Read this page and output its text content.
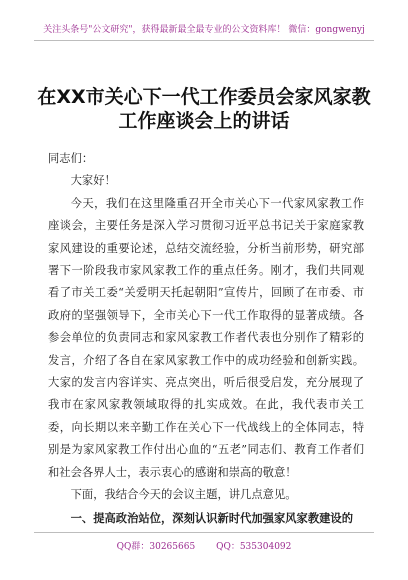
关注头条号"公文研究"，获得最新最全最专业的公文资料库！ 微信：gongwenyj
在XX市关心下一代工作委员会家风家教
工作座谈会上的讲话

同志们：

大家好！

今天，我们在这里隆重召开全市关心下一代家风家教工作座谈会，主要任务是深入学习贯彻习近平总书记关于家庭家教家风建设的重要论述，总结交流经验，分析当前形势，研究部署下一阶段我市家风家教工作的重点任务。刚才，我们共同观看了市关工委“关爱明天托起朝阳”宣传片，回顾了在市委、市政府的坚强领导下，全市关心下一代工作取得的显著成绩。各参会单位的负责同志和家风家教工作者代表也分别作了精彩的发言，介绍了各自在家风家教工作中的成功经验和创新实践。大家的发言内容详实、亮点突出，听后很受启发，充分展现了我市在家风家教领域取得的扎实成效。在此，我代表市关工委，向长期以来辛勤工作在关心下一代战线上的全体同志，特别是为家风家教工作付出心血的“五老”同志们、教育工作者们和社会各界人士，表示衷心的感谢和崇高的敬意！

下面，我结合今天的会议主题，讲几点意见。

一、提高政治站位，深刻认识新时代加强家风家教建设的

QQ群：30265665 QQ：535304092
